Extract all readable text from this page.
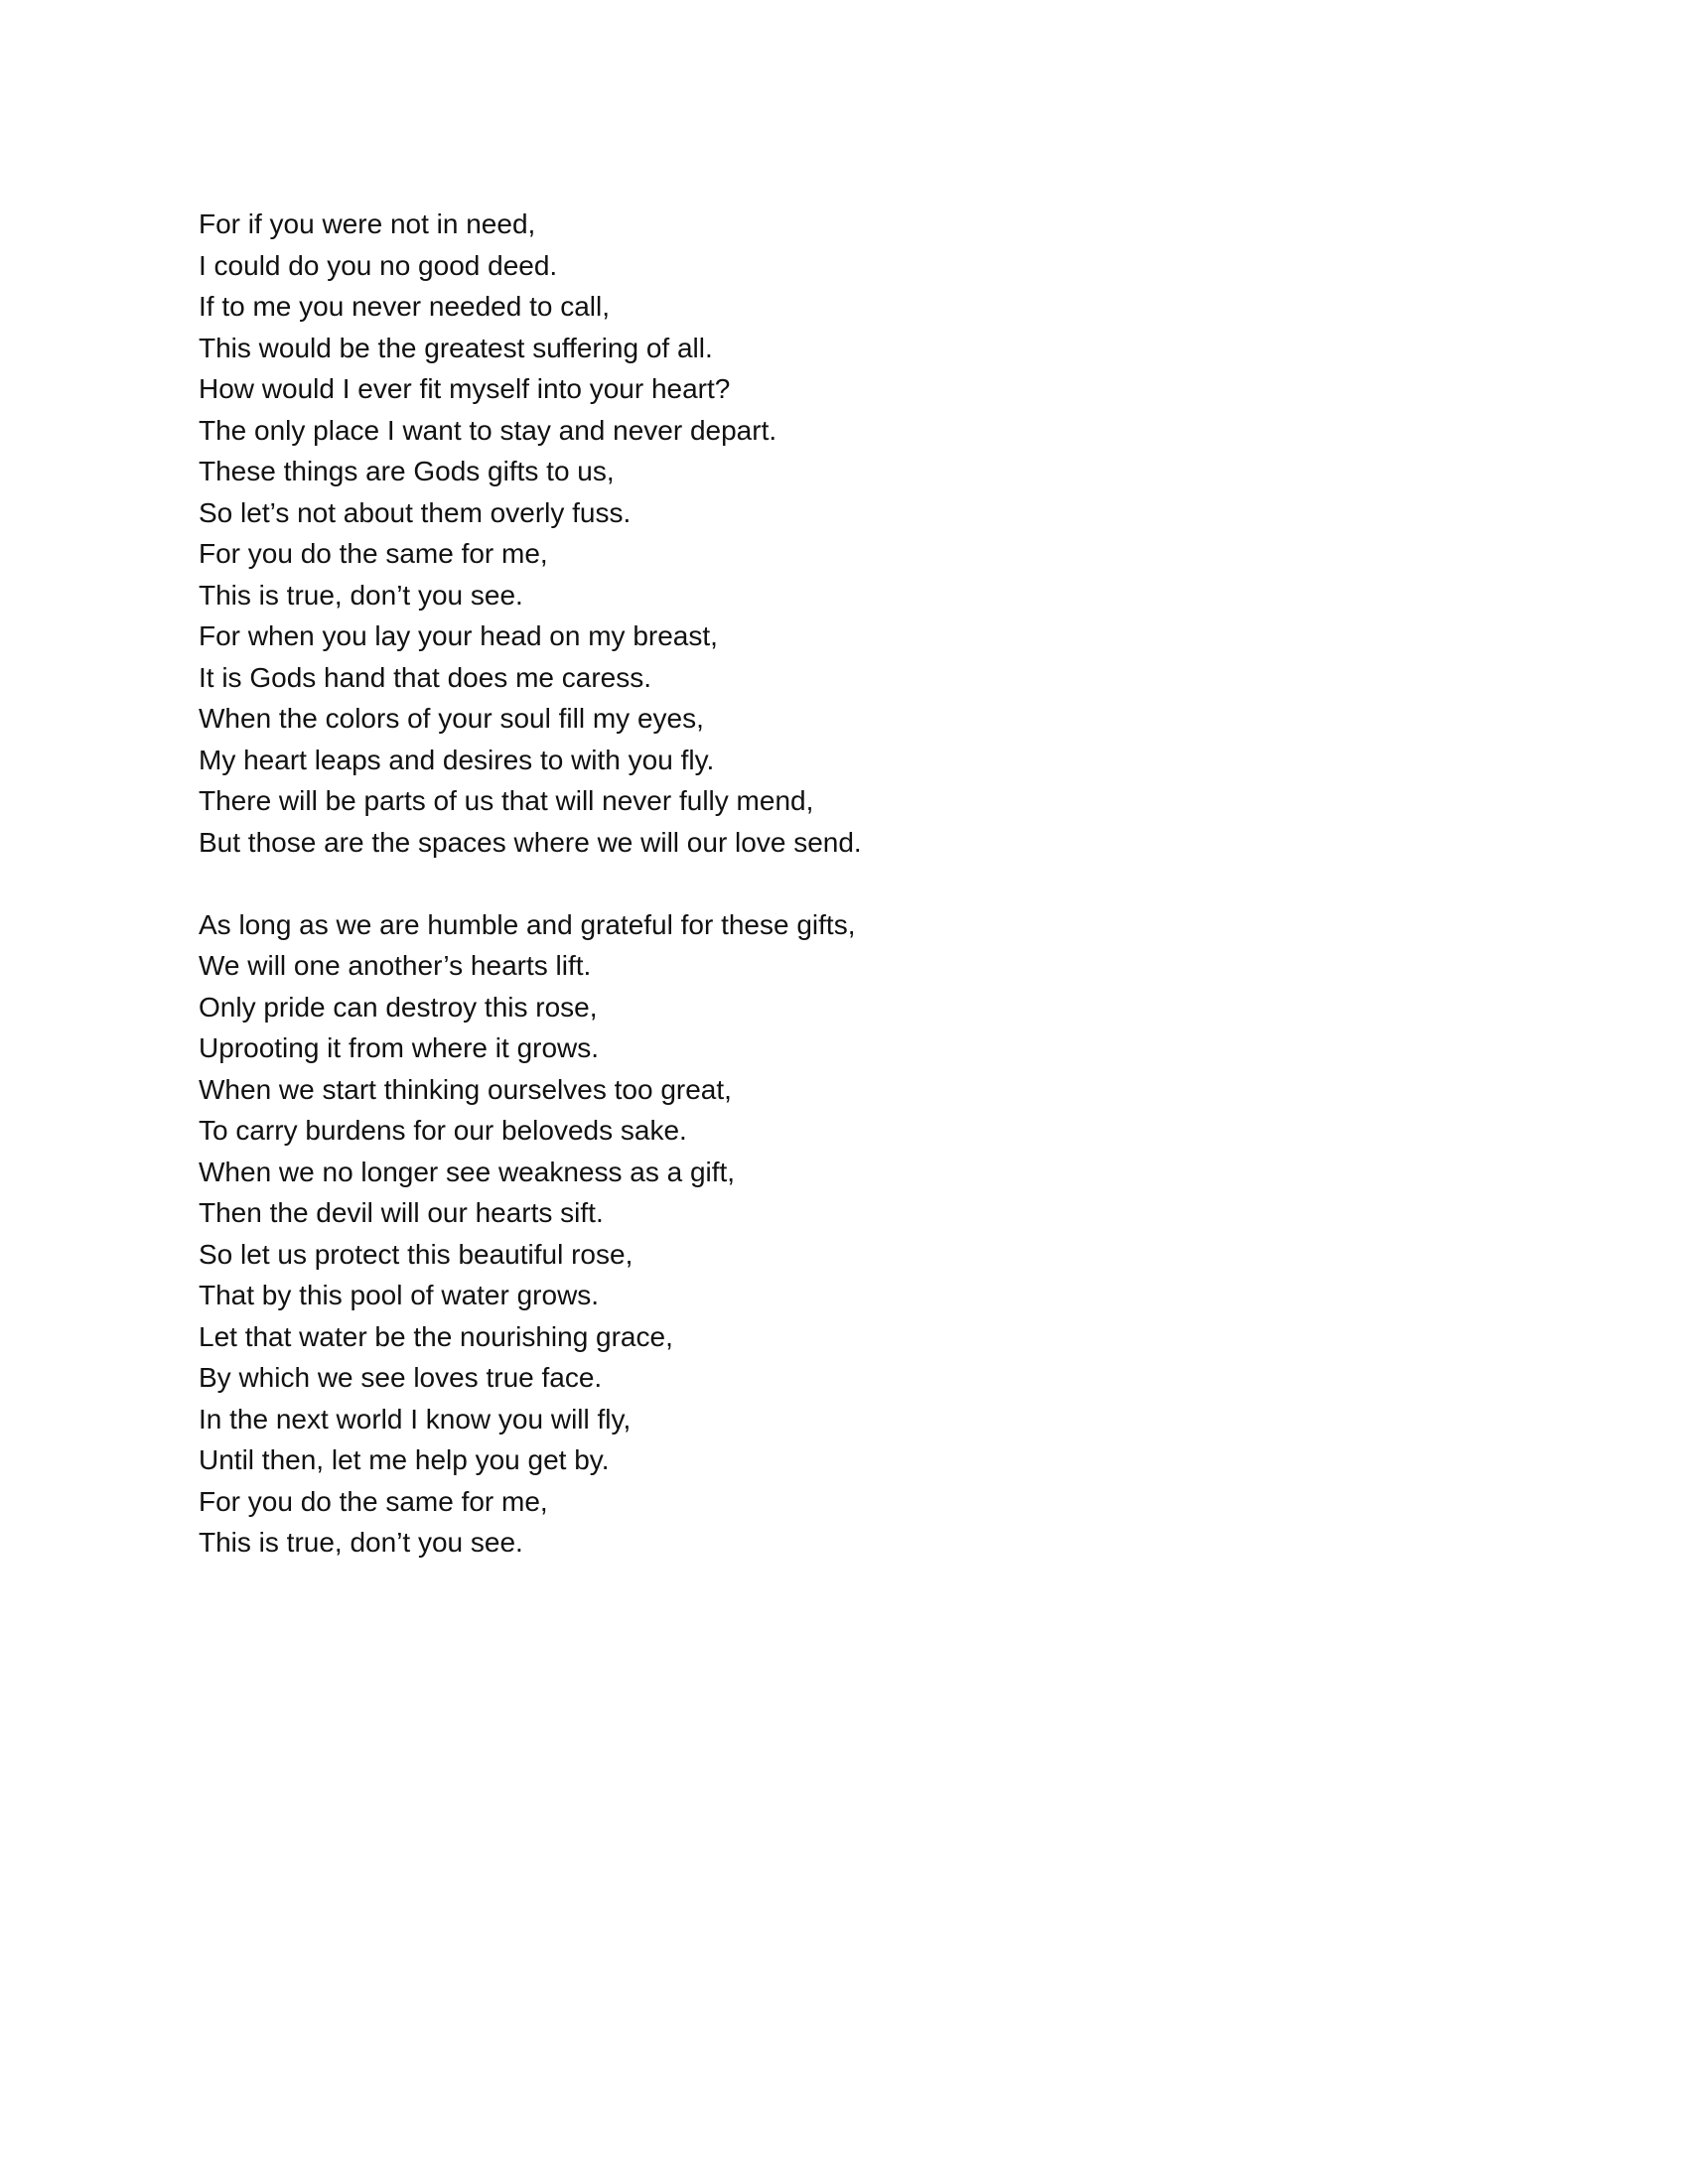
For if you were not in need,
I could do you no good deed.
If to me you never needed to call,
This would be the greatest suffering of all.
How would I ever fit myself into your heart?
The only place I want to stay and never depart.
These things are Gods gifts to us,
So let’s not about them overly fuss.
For you do the same for me,
This is true, don’t you see.
For when you lay your head on my breast,
It is Gods hand that does me caress.
When the colors of your soul fill my eyes,
My heart leaps and desires to with you fly.
There will be parts of us that will never fully mend,
But those are the spaces where we will our love send.
As long as we are humble and grateful for these gifts,
We will one another’s hearts lift.
Only pride can destroy this rose,
Uprooting it from where it grows.
When we start thinking ourselves too great,
To carry burdens for our beloveds sake.
When we no longer see weakness as a gift,
Then the devil will our hearts sift.
So let us protect this beautiful rose,
That by this pool of water grows.
Let that water be the nourishing grace,
By which we see loves true face.
In the next world I know you will fly,
Until then, let me help you get by.
For you do the same for me,
This is true, don’t you see.
